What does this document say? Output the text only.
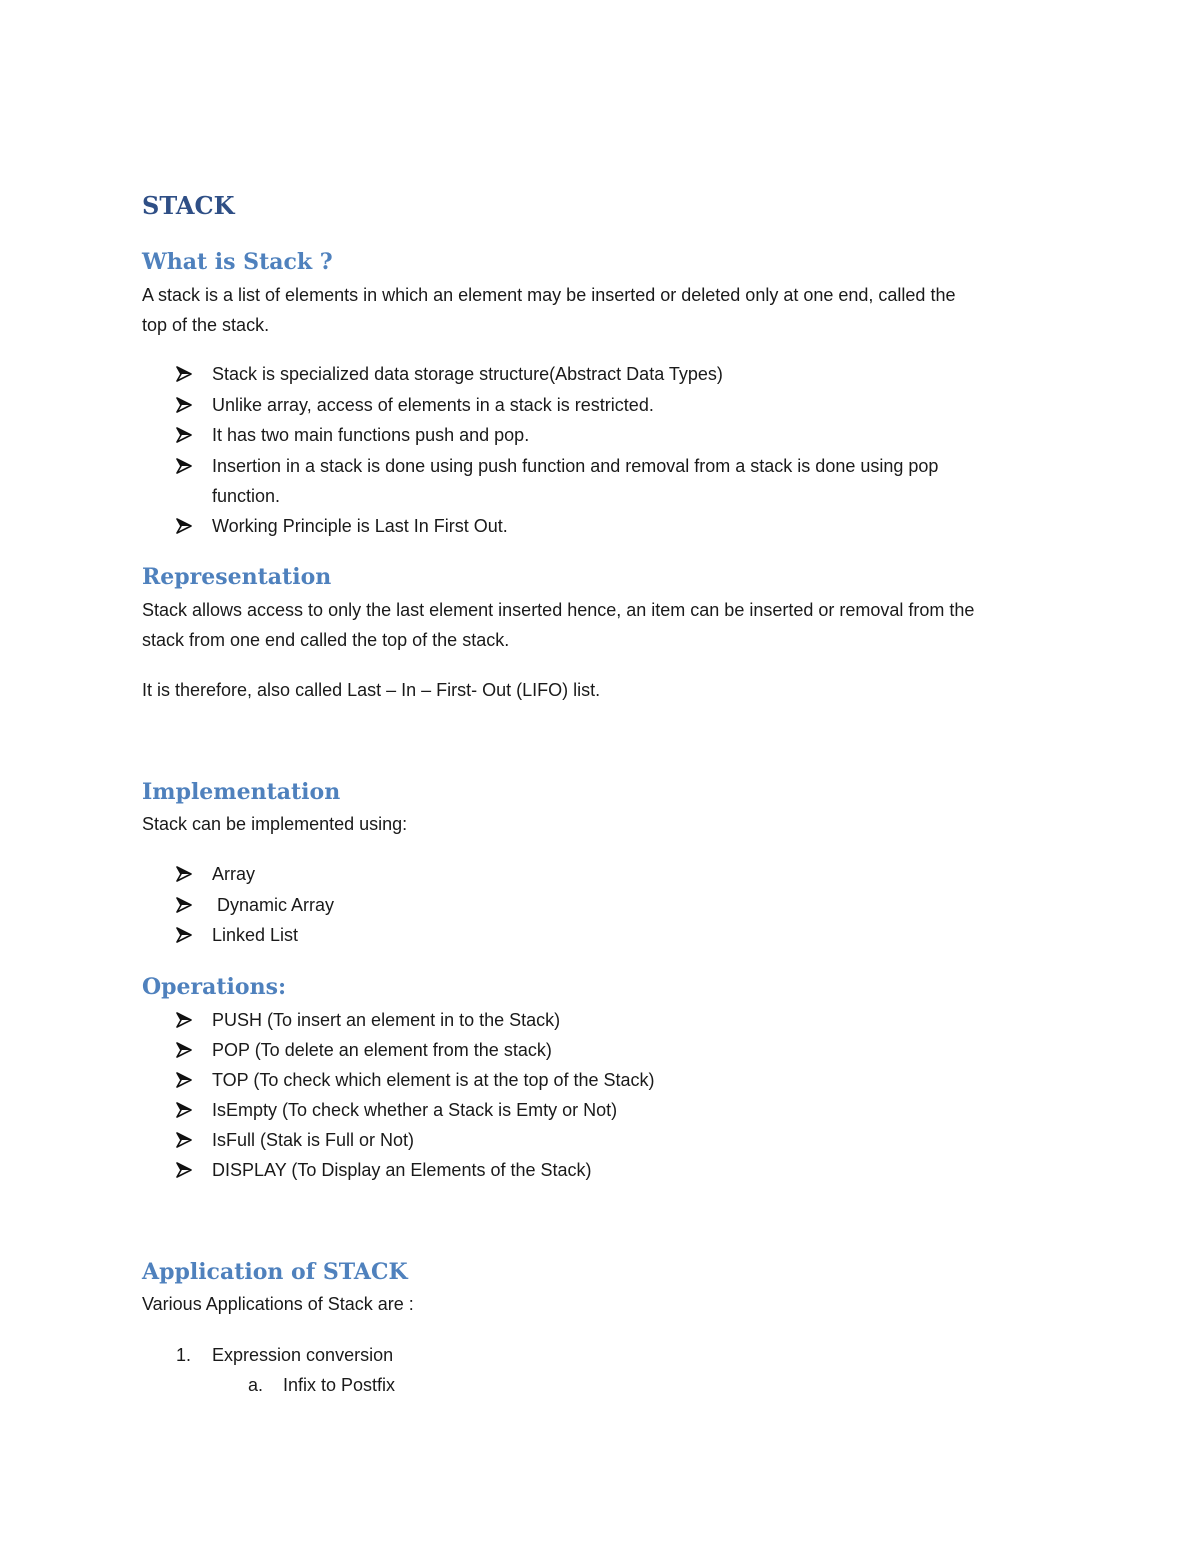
STACK
What is Stack ?
A stack is a list of elements in which an element may be inserted or deleted only at one end, called the
top of the stack.
Stack is specialized data storage structure(Abstract Data Types)
Unlike array, access of elements in a stack is restricted.
It has two main functions push and pop.
Insertion in a stack is done using push function and removal from a stack is done using pop
function.
Working Principle is Last In First Out.
Representation
Stack allows access to only the last element inserted hence, an item can be inserted or removal from the
stack from one end called the top of the stack.
It is therefore, also called Last – In – First- Out (LIFO) list.
Implementation
Stack can be implemented using:
Array
Dynamic Array
Linked List
Operations:
PUSH (To insert an element in to the Stack)
POP (To delete an element from the stack)
TOP (To check which element is at the top of the Stack)
IsEmpty (To check whether a Stack is Emty or Not)
IsFull (Stak is Full or Not)
DISPLAY (To Display an Elements of the Stack)
Application of STACK
Various Applications of Stack are :
1. Expression conversion
a. Infix to Postfix
